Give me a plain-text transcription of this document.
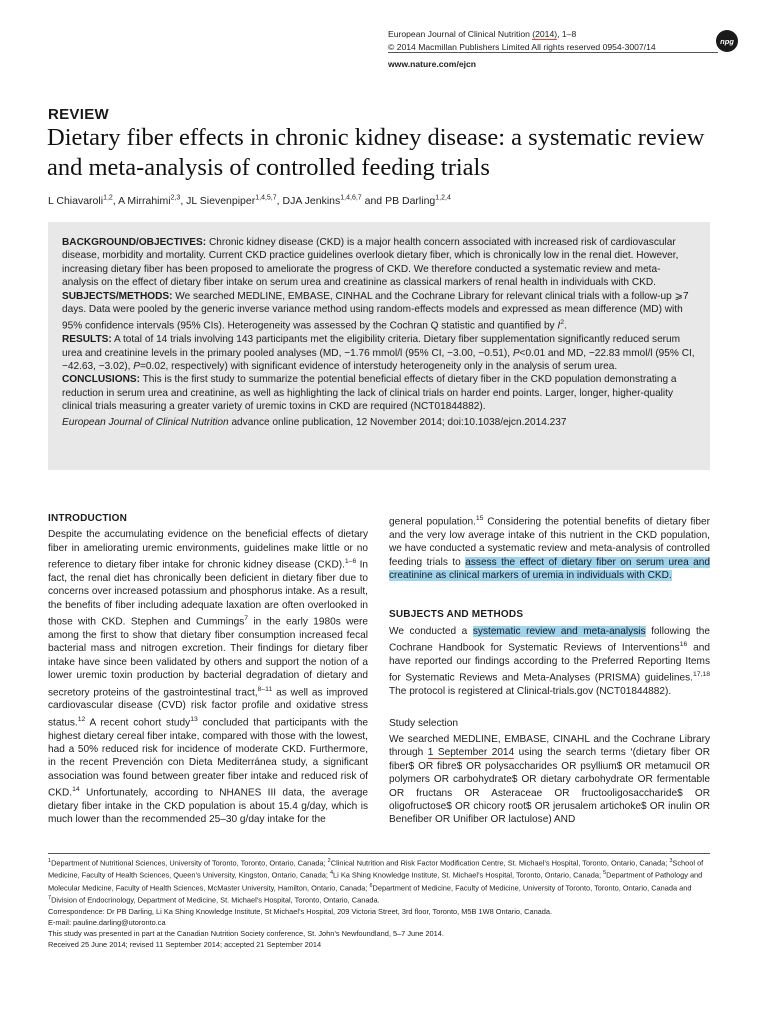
European Journal of Clinical Nutrition (2014), 1–8
© 2014 Macmillan Publishers Limited All rights reserved 0954-3007/14
www.nature.com/ejcn
npg
REVIEW
Dietary fiber effects in chronic kidney disease: a systematic review and meta-analysis of controlled feeding trials
L Chiavaroli$^{1,2}$, A Mirrahimi$^{2,3}$, JL Sievenpiper$^{1,4,5,7}$, DJA Jenkins$^{1,4,6,7}$ and PB Darling$^{1,2,4}$

BACKGROUND/OBJECTIVES: Chronic kidney disease (CKD) is a major health concern associated with increased risk of cardiovascular disease, morbidity and mortality. Current CKD practice guidelines overlook dietary fiber, which is chronically low in the renal diet. However, increasing dietary fiber has been proposed to ameliorate the progress of CKD. We therefore conducted a systematic review and meta-analysis on the effect of dietary fiber intake on serum urea and creatinine as classical markers of renal health in individuals with CKD.

SUBJECTS/METHODS: We searched MEDLINE, EMBASE, CINHAL and the Cochrane Library for relevant clinical trials with a follow-up ⩾7 days. Data were pooled by the generic inverse variance method using random-effects models and expressed as mean difference (MD) with 95% confidence intervals (95% CIs). Heterogeneity was assessed by the Cochran Q statistic and quantified by $I^2$.

RESULTS: A total of 14 trials involving 143 participants met the eligibility criteria. Dietary fiber supplementation significantly reduced serum urea and creatinine levels in the primary pooled analyses (MD, −1.76 mmol/l (95% CI, −3.00, −0.51), P<0.01 and MD, −22.83 mmol/l (95% CI, −42.63, −3.02), P=0.02, respectively) with significant evidence of interstudy heterogeneity only in the analysis of serum urea.

CONCLUSIONS: This is the first study to summarize the potential beneficial effects of dietary fiber in the CKD population demonstrating a reduction in serum urea and creatinine, as well as highlighting the lack of clinical trials on harder end points. Larger, longer, higher-quality clinical trials measuring a greater variety of uremic toxins in CKD are required (NCT01844882).

European Journal of Clinical Nutrition advance online publication, 12 November 2014; doi:10.1038/ejcn.2014.237

INTRODUCTION

Despite the accumulating evidence on the beneficial effects of dietary fiber in ameliorating uremic environments, guidelines make little or no reference to dietary fiber intake for chronic kidney disease (CKD).$^{1-6}$ In fact, the renal diet has chronically been deficient in dietary fiber due to concerns over increased potassium and phosphorus intake. As a result, the benefits of fiber including adequate laxation are often overlooked in those with CKD. Stephen and Cummings$^7$ in the early 1980s were among the first to show that dietary fiber consumption increased fecal bacterial mass and nitrogen excretion. Their findings for dietary fiber intake have since been validated by others and support the notion of a lower uremic toxin production by bacterial degradation of dietary and secretory proteins of the gastrointestinal tract,$^{8-11}$ as well as improved cardiovascular disease (CVD) risk factor profile and oxidative stress status.$^{12}$ A recent cohort study$^{13}$ concluded that participants with the highest dietary cereal fiber intake, compared with those with the lowest, had a 50% reduced risk for incidence of moderate CKD. Furthermore, in the recent Prevención con Dieta Mediterránea study, a significant association was found between greater fiber intake and reduced risk of CKD.$^{14}$ Unfortunately, according to NHANES III data, the average dietary fiber intake in the CKD population is about 15.4 g/day, which is much lower than the recommended 25–30 g/day intake for the

general population.$^{15}$ Considering the potential benefits of dietary fiber and the very low average intake of this nutrient in the CKD population, we have conducted a systematic review and meta-analysis of controlled feeding trials to assess the effect of dietary fiber on serum urea and creatinine as clinical markers of uremia in individuals with CKD.

SUBJECTS AND METHODS

We conducted a systematic review and meta-analysis following the Cochrane Handbook for Systematic Reviews of Interventions$^{16}$ and have reported our findings according to the Preferred Reporting Items for Systematic Reviews and Meta-Analyses (PRISMA) guidelines.$^{17,18}$ The protocol is registered at Clinical-trials.gov (NCT01844882).

Study selection

We searched MEDLINE, EMBASE, CINAHL and the Cochrane Library through 1 September 2014 using the search terms ‘(dietary fiber OR fiber$ OR fibre$ OR polysaccharides OR psyllium$ OR metamucil OR polymers OR carbohydrate$ OR dietary carbohydrate OR fermentable OR fructans OR Asteraceae OR fructooligosaccharide$ OR oligofructose$ OR chicory root$ OR jerusalem artichoke$ OR inulin OR Benefiber OR Unifiber OR lactulose) AND

$^1$Department of Nutritional Sciences, University of Toronto, Toronto, Ontario, Canada; $^2$Clinical Nutrition and Risk Factor Modification Centre, St. Michael’s Hospital, Toronto, Ontario, Canada; $^3$School of Medicine, Faculty of Health Sciences, Queen’s University, Kingston, Ontario, Canada; $^4$Li Ka Shing Knowledge Institute, St. Michael’s Hospital, Toronto, Ontario, Canada; $^5$Department of Pathology and Molecular Medicine, Faculty of Health Sciences, McMaster University, Hamilton, Ontario, Canada; $^6$Department of Medicine, Faculty of Medicine, University of Toronto, Toronto, Ontario, Canada and $^7$Division of Endocrinology, Department of Medicine, St. Michael’s Hospital, Toronto, Ontario, Canada.

Correspondence: Dr PB Darling, Li Ka Shing Knowledge Institute, St Michael’s Hospital, 209 Victoria Street, 3rd floor, Toronto, M5B 1W8 Ontario, Canada.

E-mail: pauline.darling@utoronto.ca

This study was presented in part at the Canadian Nutrition Society conference, St. John’s Newfoundland, 5–7 June 2014.

Received 25 June 2014; revised 11 September 2014; accepted 21 September 2014
